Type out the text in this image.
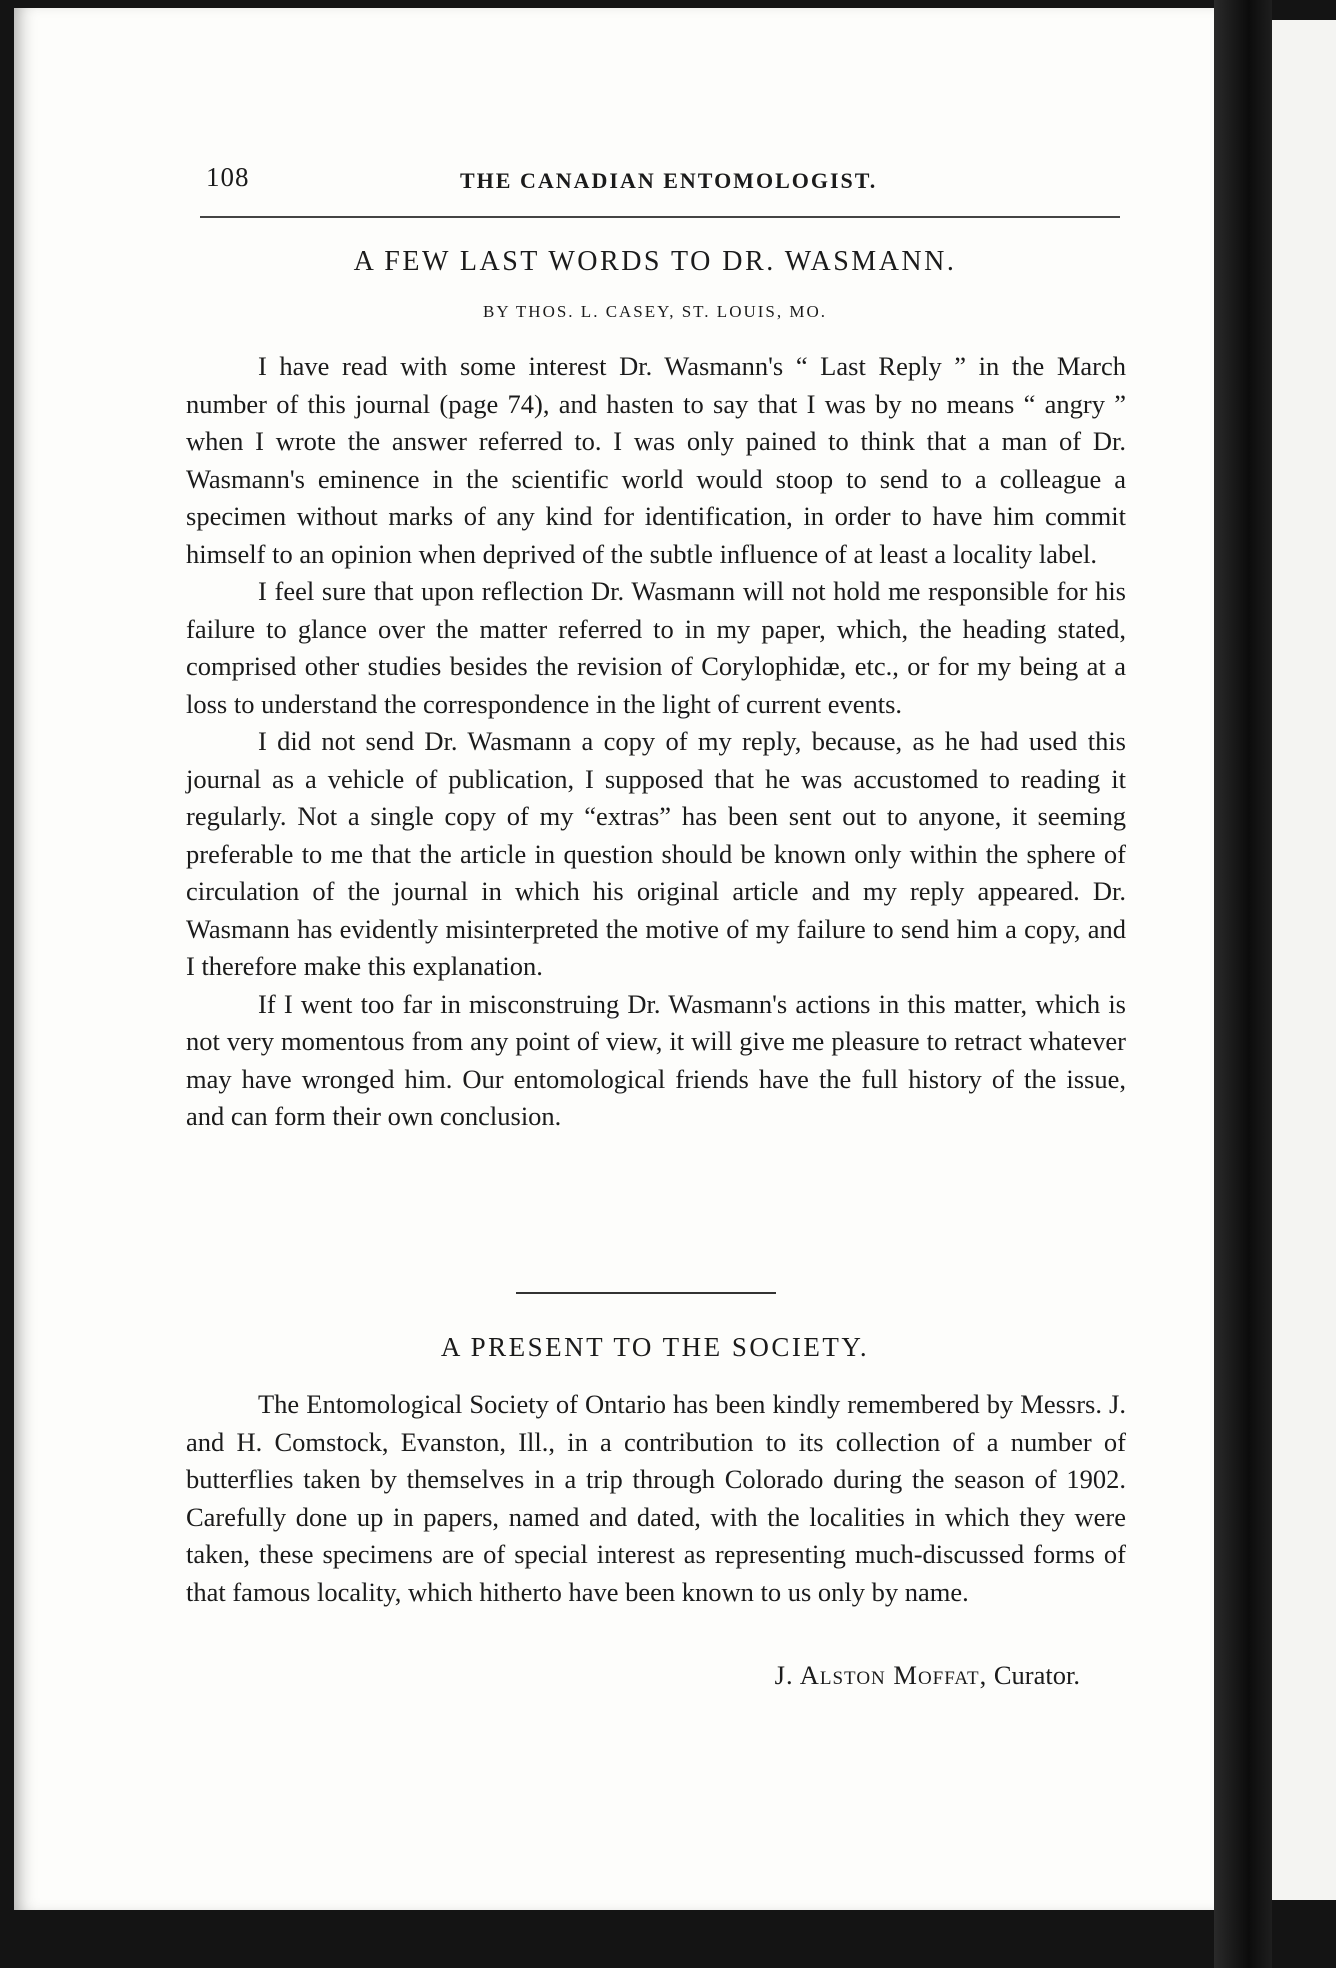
108	THE CANADIAN ENTOMOLOGIST.
A FEW LAST WORDS TO DR. WASMANN.
BY THOS. L. CASEY, ST. LOUIS, MO.

I have read with some interest Dr. Wasmann's “ Last Reply ” in the March number of this journal (page 74), and hasten to say that I was by no means “ angry ” when I wrote the answer referred to. I was only pained to think that a man of Dr. Wasmann's eminence in the scientific world would stoop to send to a colleague a specimen without marks of any kind for identification, in order to have him commit himself to an opinion when deprived of the subtle influence of at least a locality label.

I feel sure that upon reflection Dr. Wasmann will not hold me responsible for his failure to glance over the matter referred to in my paper, which, the heading stated, comprised other studies besides the revision of Corylophidæ, etc., or for my being at a loss to understand the correspondence in the light of current events.

I did not send Dr. Wasmann a copy of my reply, because, as he had used this journal as a vehicle of publication, I supposed that he was accustomed to reading it regularly. Not a single copy of my “extras” has been sent out to anyone, it seeming preferable to me that the article in question should be known only within the sphere of circulation of the journal in which his original article and my reply appeared. Dr. Wasmann has evidently misinterpreted the motive of my failure to send him a copy, and I therefore make this explanation.

If I went too far in misconstruing Dr. Wasmann's actions in this matter, which is not very momentous from any point of view, it will give me pleasure to retract whatever may have wronged him. Our entomological friends have the full history of the issue, and can form their own conclusion.

A PRESENT TO THE SOCIETY.

The Entomological Society of Ontario has been kindly remembered by Messrs. J. and H. Comstock, Evanston, Ill., in a contribution to its collection of a number of butterflies taken by themselves in a trip through Colorado during the season of 1902. Carefully done up in papers, named and dated, with the localities in which they were taken, these specimens are of special interest as representing much-discussed forms of that famous locality, which hitherto have been known to us only by name.

J. Alston Moffat, Curator.
